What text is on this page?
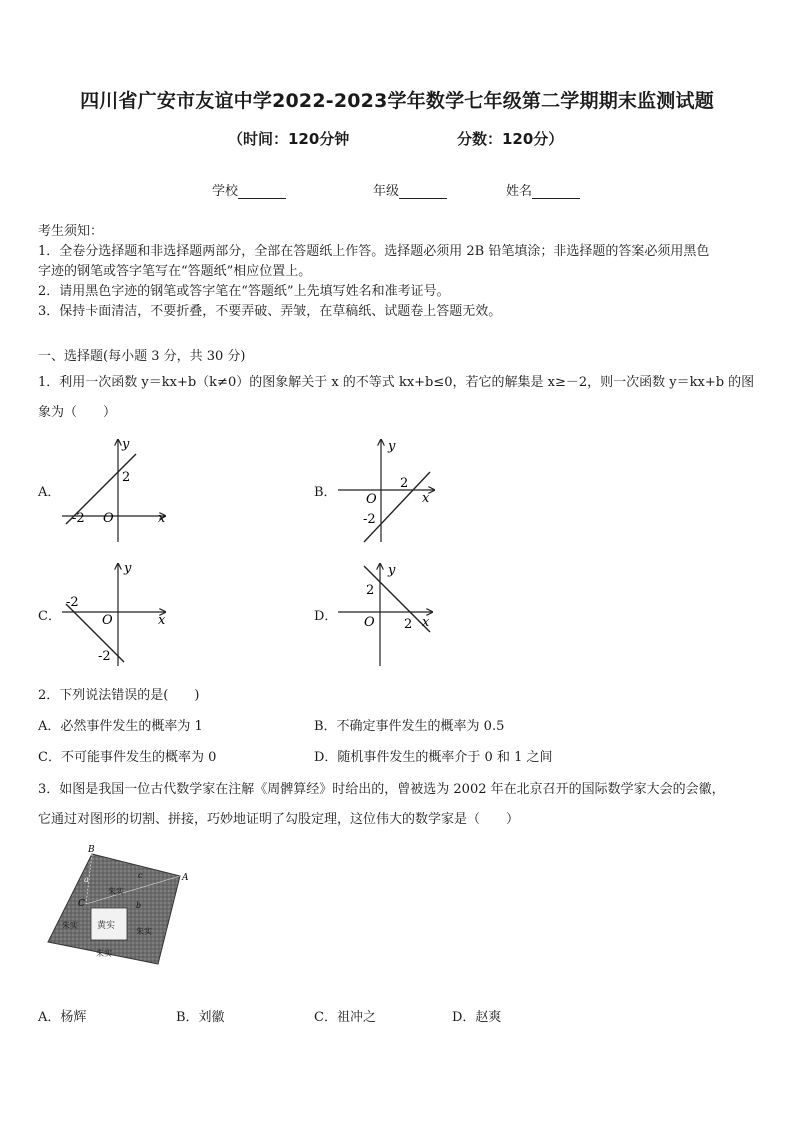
四川省广安市友谊中学2022-2023学年数学七年级第二学期期末监测试题
（时间：120分钟	分数：120分）
学校	年级	姓名
考生须知：
1．全卷分选择题和非选择题两部分，全部在答题纸上作答。选择题必须用 2B 铅笔填涂；非选择题的答案必须用黑色
字迹的钢笔或答字笔写在“答题纸”相应位置上。
2．请用黑色字迹的钢笔或答字笔在“答题纸”上先填写姓名和准考证号。
3．保持卡面清洁，不要折叠，不要弄破、弄皱，在草稿纸、试题卷上答题无效。
一、选择题(每小题 3 分，共 30 分)
1．利用一次函数 y＝kx+b（k≠0）的图象解关于 x 的不等式 kx+b≤0，若它的解集是 x≥－2，则一次函数 y＝kx+b 的图
象为（　　）
A．	B．
C．	D．
y
x
2
-2 O
y
x
2
-2
O
y
x
-2
-2
O
y
x
2
2
O
2．下列说法错误的是(　　)
A．必然事件发生的概率为 1	B．不确定事件发生的概率为 0.5
C．不可能事件发生的概率为 0	D．随机事件发生的概率介于 0 和 1 之间
3．如图是我国一位古代数学家在注解《周髀算经》时给出的，曾被选为 2002 年在北京召开的国际数学家大会的会徽，
它通过对图形的切割、拼接，巧妙地证明了勾股定理，这位伟大的数学家是（　　）
黄实
朱实
朱实
朱实
朱实
B
A
C
c
a
b
A．杨辉	B．刘徽	C．祖冲之	D．赵爽
